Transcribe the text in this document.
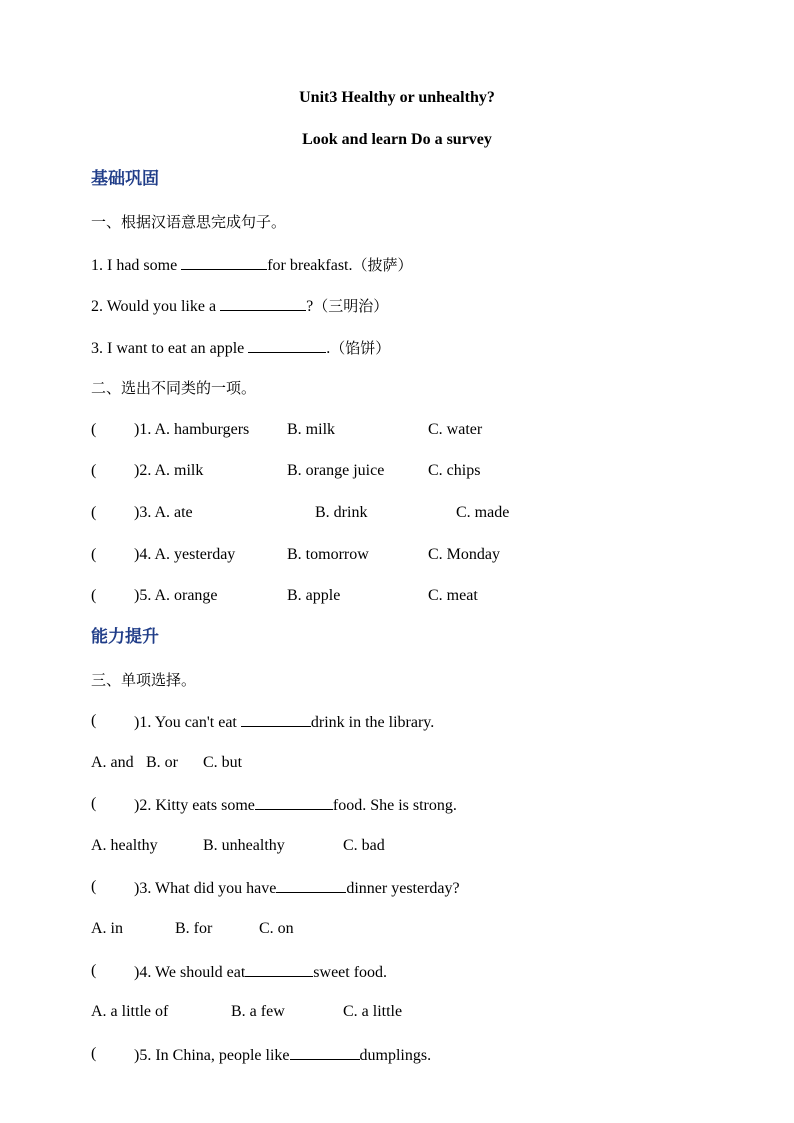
Unit3 Healthy or unhealthy?
Look and learn Do a survey
基础巩固
一、根据汉语意思完成句子。
1. I had some	for breakfast.（披萨）
2. Would you like a	?（三明治）
3. I want to eat an apple	.（馅饼）
二、选出不同类的一项。
( )1. A. hamburgers B. milk	C. water
( )2. A. milk	B. orange juice	C. chips
( )3. A. ate	B. drink	C. made
( )4. A. yesterday	B. tomorrow	C. Monday
( )5. A. orange	B. apple	C. meat
能力提升
三、单项选择。
( )1. You can't eat	drink in the library.
A. and B. or C. but
( )2. Kitty eats some	food. She is strong.
A. healthy	B. unhealthy	C. bad
( )3. What did you have	dinner yesterday?
A. in	B. for	C. on
( )4. We should eat	sweet food.
A. a little of	B. a few	C. a little
( )5. In China, people like	dumplings.
